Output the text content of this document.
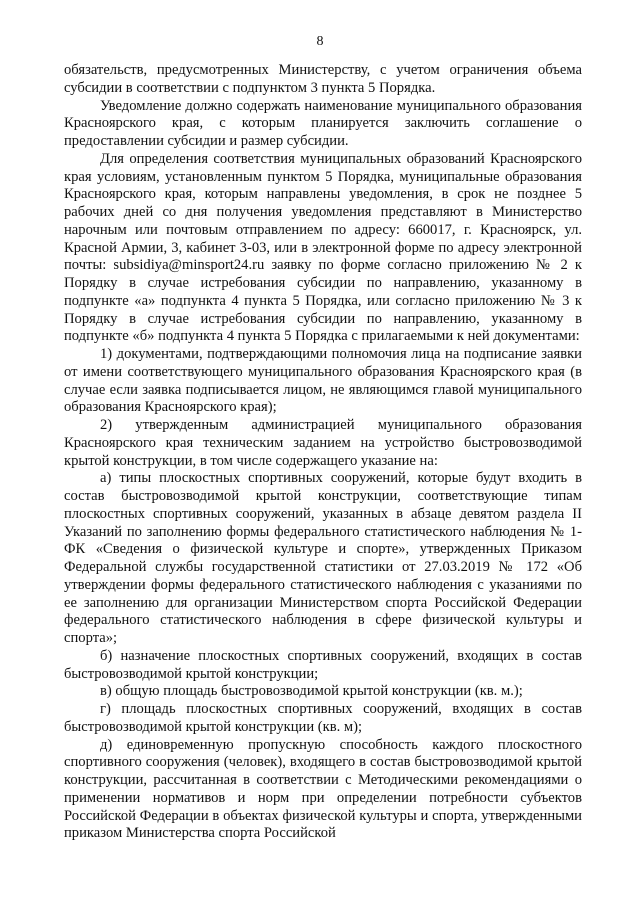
8

обязательств, предусмотренных Министерству, с учетом ограничения объема субсидии в соответствии с подпунктом 3 пункта 5 Порядка.

Уведомление должно содержать наименование муниципального образования Красноярского края, с которым планируется заключить соглашение о предоставлении субсидии и размер субсидии.

Для определения соответствия муниципальных образований Красноярского края условиям, установленным пунктом 5 Порядка, муниципальные образования Красноярского края, которым направлены уведомления, в срок не позднее 5 рабочих дней со дня получения уведомления представляют в Министерство нарочным или почтовым отправлением по адресу: 660017, г. Красноярск, ул. Красной Армии, 3, кабинет 3-03, или в электронной форме по адресу электронной почты: subsidiya@minsport24.ru заявку по форме согласно приложению № 2 к Порядку в случае истребования субсидии по направлению, указанному в подпункте «а» подпункта 4 пункта 5 Порядка, или согласно приложению № 3 к Порядку в случае истребования субсидии по направлению, указанному в подпункте «б» подпункта 4 пункта 5 Порядка с прилагаемыми к ней документами:

1) документами, подтверждающими полномочия лица на подписание заявки от имени соответствующего муниципального образования Красноярского края (в случае если заявка подписывается лицом, не являющимся главой муниципального образования Красноярского края);

2) утвержденным администрацией муниципального образования Красноярского края техническим заданием на устройство быстровозводимой крытой конструкции, в том числе содержащего указание на:

а) типы плоскостных спортивных сооружений, которые будут входить в состав быстровозводимой крытой конструкции, соответствующие типам плоскостных спортивных сооружений, указанных в абзаце девятом раздела II Указаний по заполнению формы федерального статистического наблюдения № 1-ФК «Сведения о физической культуре и спорте», утвержденных Приказом Федеральной службы государственной статистики от 27.03.2019 № 172 «Об утверждении формы федерального статистического наблюдения с указаниями по ее заполнению для организации Министерством спорта Российской Федерации федерального статистического наблюдения в сфере физической культуры и спорта»;

б) назначение плоскостных спортивных сооружений, входящих в состав быстровозводимой крытой конструкции;

в) общую площадь быстровозводимой крытой конструкции (кв. м.);

г) площадь плоскостных спортивных сооружений, входящих в состав быстровозводимой крытой конструкции (кв. м);

д) единовременную пропускную способность каждого плоскостного спортивного сооружения (человек), входящего в состав быстровозводимой крытой конструкции, рассчитанная в соответствии с Методическими рекомендациями о применении нормативов и норм при определении потребности субъектов Российской Федерации в объектах физической культуры и спорта, утвержденными приказом Министерства спорта Российской
